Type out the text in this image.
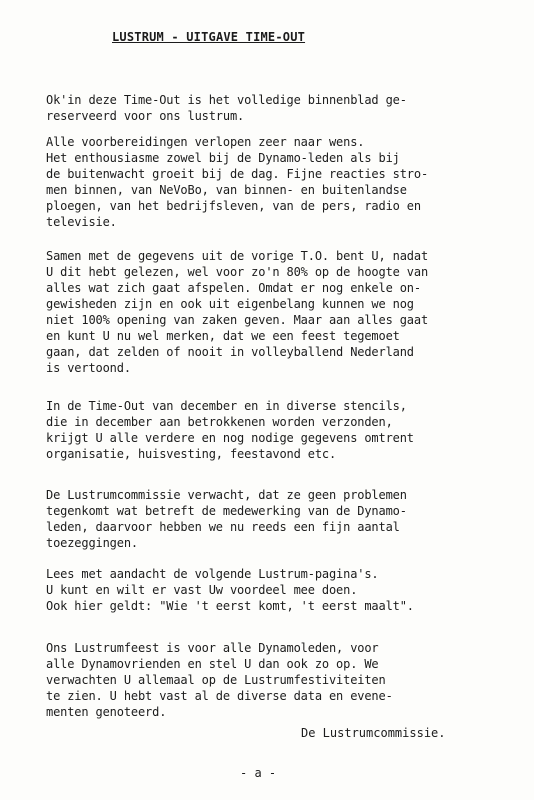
LUSTRUM - UITGAVE TIME-OUT
Ok'in deze Time-Out is het volledige binnenblad ge-
reserveerd voor ons lustrum.
Alle voorbereidingen verlopen zeer naar wens.
Het enthousiasme zowel bij de Dynamo-leden als bij
de buitenwacht groeit bij de dag. Fijne reacties stro-
men binnen, van NeVoBo, van binnen- en buitenlandse
ploegen, van het bedrijfsleven, van de pers, radio en
televisie.
Samen met de gegevens uit de vorige T.O. bent U, nadat
U dit hebt gelezen, wel voor zo'n 80% op de hoogte van
alles wat zich gaat afspelen. Omdat er nog enkele on-
gewisheden zijn en ook uit eigenbelang kunnen we nog
niet 100% opening van zaken geven. Maar aan alles gaat
en kunt U nu wel merken, dat we een feest tegemoet
gaan, dat zelden of nooit in volleyballend Nederland
is vertoond.
In de Time-Out van december en in diverse stencils,
die in december aan betrokkenen worden verzonden,
krijgt U alle verdere en nog nodige gegevens omtrent
organisatie, huisvesting, feestavond etc.
De Lustrumcommissie verwacht, dat ze geen problemen
tegenkomt wat betreft de medewerking van de Dynamo-
leden, daarvoor hebben we nu reeds een fijn aantal
toezeggingen.
Lees met aandacht de volgende Lustrum-pagina's.
U kunt en wilt er vast Uw voordeel mee doen.
Ook hier geldt: "Wie 't eerst komt, 't eerst maalt".
Ons Lustrumfeest is voor alle Dynamoleden, voor
alle Dynamovrienden en stel U dan ook zo op. We
verwachten U allemaal op de Lustrumfestiviteiten
te zien. U hebt vast al de diverse data en evene-
menten genoteerd.
De Lustrumcommissie.
- a -
